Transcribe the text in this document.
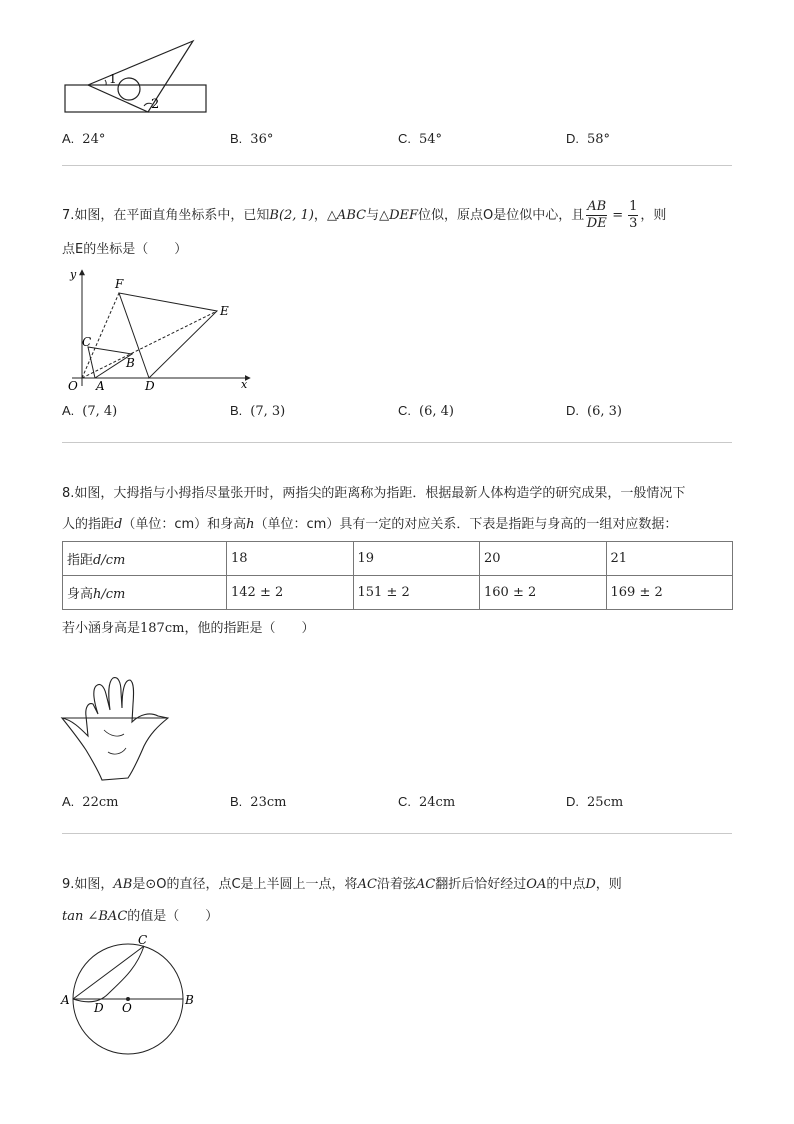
1
2
A. 24°	B. 36°	C. 54°	D. 58°
7.如图，在平面直角坐标系中，已知B(2, 1)，△ABC与△DEF位似，原点O是位似中心，且 $\frac{AB}{DE} = \frac{1}{3}$ ，则
点E的坐标是（　　）
y
x
O A
B
C
D
E
F
A. (7, 4)	B. (7, 3)	C. (6, 4)	D. (6, 3)
8.如图，大拇指与小拇指尽量张开时，两指尖的距离称为指距．根据最新人体构造学的研究成果，一般情况下
人的指距d（单位：cm）和身高h（单位：cm）具有一定的对应关系．下表是指距与身高的一组对应数据：
指距d/cm	18	19	20	21
身高h/cm	142 ± 2	151 ± 2	160 ± 2	169 ± 2
若小涵身高是187cm，他的指距是（　　）
A. 22cm	B. 23cm	C. 24cm	D. 25cm
9.如图，AB是⊙O的直径，点C是上半圆上一点，将AC沿着弦AC翻折后恰好经过OA的中点D，则
tan ∠BAC的值是（　　）
A	B
C
D O
